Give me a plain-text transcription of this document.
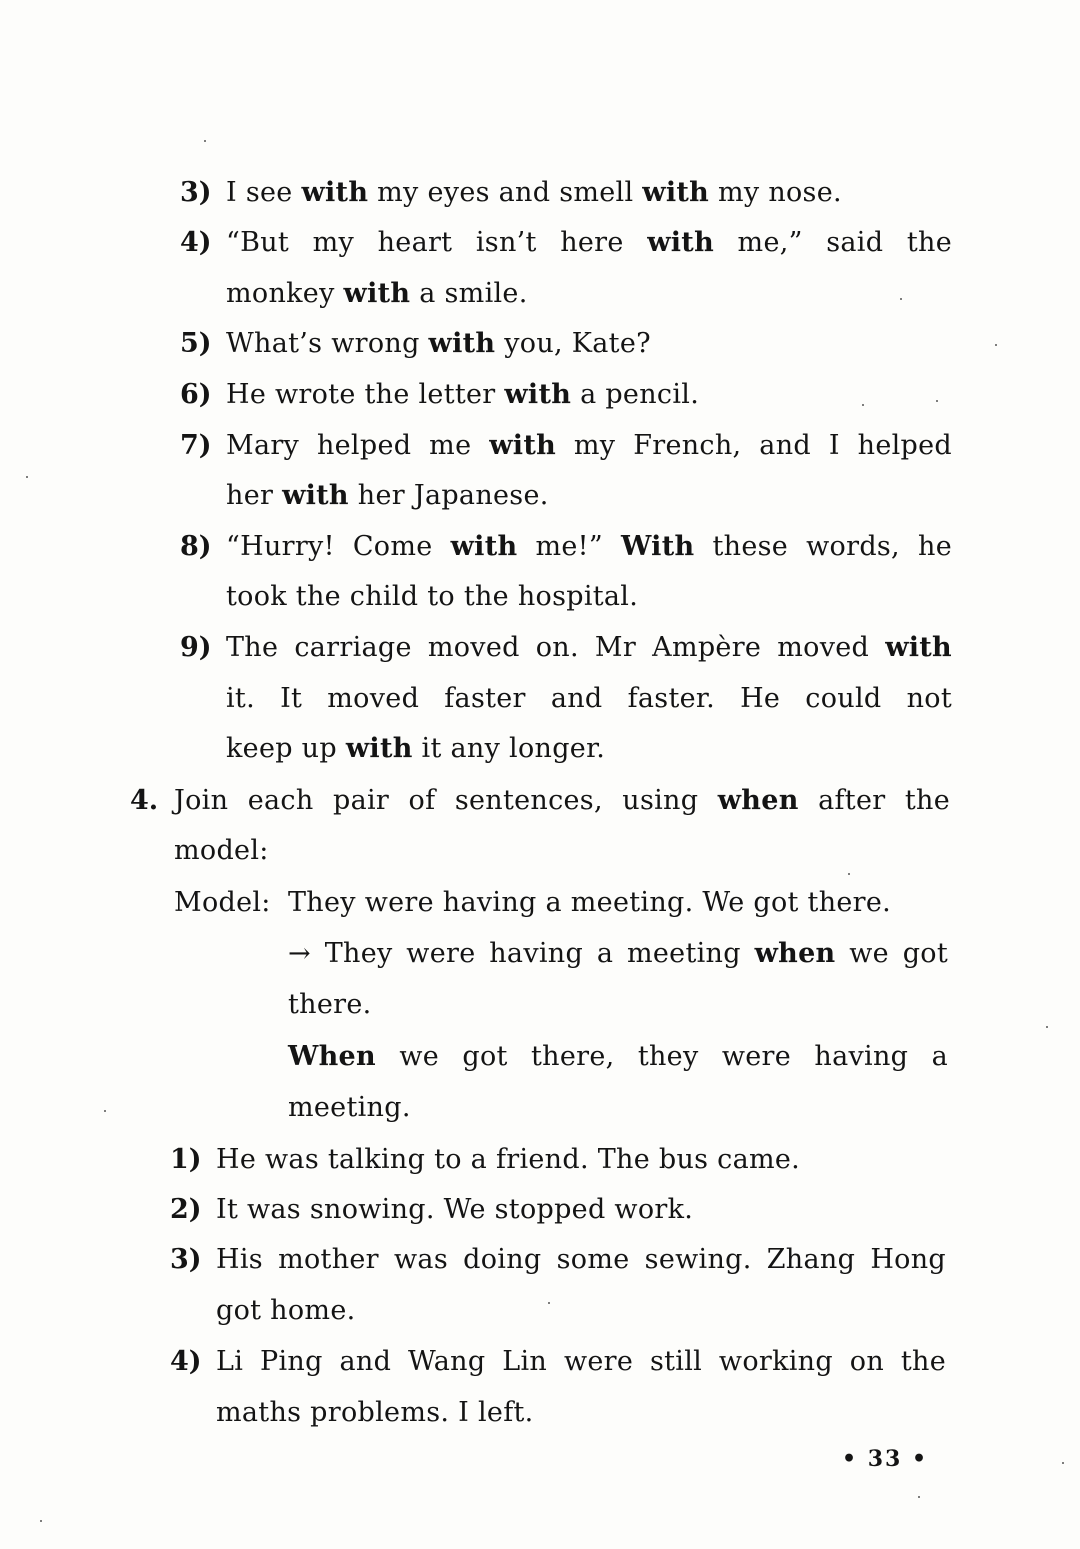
3) I see with my eyes and smell with my nose.
4) “But my heart isn’t here with me,” said the
monkey with a smile.
5) What’s wrong with you, Kate?
6) He wrote the letter with a pencil.
7) Mary helped me with my French, and I helped
her with her Japanese.
8) “Hurry! Come with me!” With these words, he
took the child to the hospital.
9) The carriage moved on. Mr Ampère moved with
it. It moved faster and faster. He could not
keep up with it any longer.
4. Join each pair of sentences, using when after the
model:
Model: They were having a meeting. We got there.
→ They were having a meeting when we got
there.
When we got there, they were having a
meeting.
1) He was talking to a friend. The bus came.
2) It was snowing. We stopped work.
3) His mother was doing some sewing. Zhang Hong
got home.
4) Li Ping and Wang Lin were still working on the
maths problems. I left.
• 33 •
